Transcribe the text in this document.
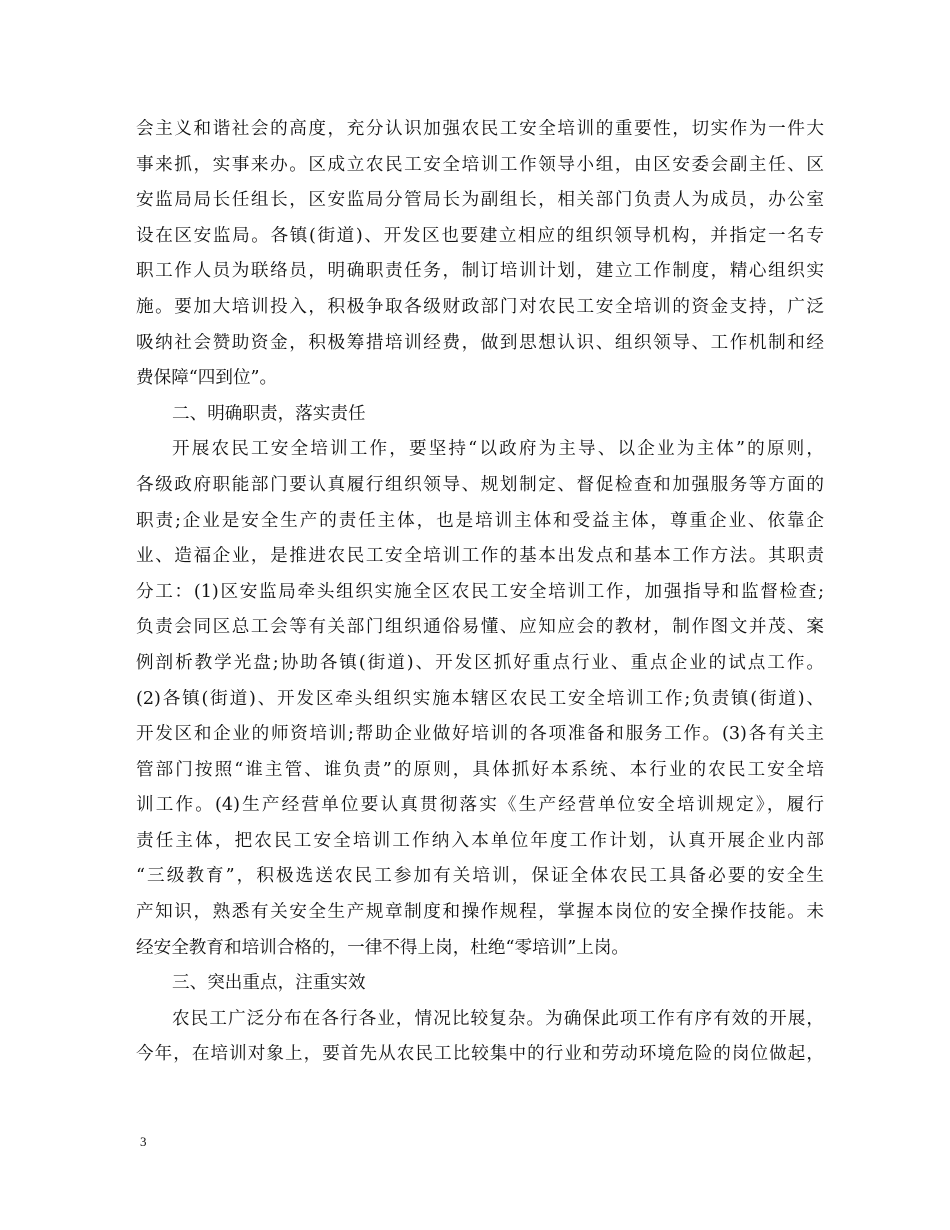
会主义和谐社会的高度，充分认识加强农民工安全培训的重要性，切实作为一件大
事来抓，实事来办。区成立农民工安全培训工作领导小组，由区安委会副主任、区
安监局局长任组长，区安监局分管局长为副组长，相关部门负责人为成员，办公室
设在区安监局。各镇(街道)、开发区也要建立相应的组织领导机构，并指定一名专
职工作人员为联络员，明确职责任务，制订培训计划，建立工作制度，精心组织实
施。要加大培训投入，积极争取各级财政部门对农民工安全培训的资金支持，广泛
吸纳社会赞助资金，积极筹措培训经费，做到思想认识、组织领导、工作机制和经
费保障“四到位”。
二、明确职责，落实责任
开展农民工安全培训工作，要坚持“以政府为主导、以企业为主体”的原则，
各级政府职能部门要认真履行组织领导、规划制定、督促检查和加强服务等方面的
职责;企业是安全生产的责任主体，也是培训主体和受益主体，尊重企业、依靠企
业、造福企业，是推进农民工安全培训工作的基本出发点和基本工作方法。其职责
分工：(1)区安监局牵头组织实施全区农民工安全培训工作，加强指导和监督检查;
负责会同区总工会等有关部门组织通俗易懂、应知应会的教材，制作图文并茂、案
例剖析教学光盘;协助各镇(街道)、开发区抓好重点行业、重点企业的试点工作。
(2)各镇(街道)、开发区牵头组织实施本辖区农民工安全培训工作;负责镇(街道)、
开发区和企业的师资培训;帮助企业做好培训的各项准备和服务工作。(3)各有关主
管部门按照“谁主管、谁负责”的原则，具体抓好本系统、本行业的农民工安全培
训工作。(4)生产经营单位要认真贯彻落实《生产经营单位安全培训规定》，履行
责任主体，把农民工安全培训工作纳入本单位年度工作计划，认真开展企业内部
“三级教育”，积极选送农民工参加有关培训，保证全体农民工具备必要的安全生
产知识，熟悉有关安全生产规章制度和操作规程，掌握本岗位的安全操作技能。未
经安全教育和培训合格的，一律不得上岗，杜绝“零培训”上岗。
三、突出重点，注重实效
农民工广泛分布在各行各业，情况比较复杂。为确保此项工作有序有效的开展，
今年，在培训对象上，要首先从农民工比较集中的行业和劳动环境危险的岗位做起，
3
